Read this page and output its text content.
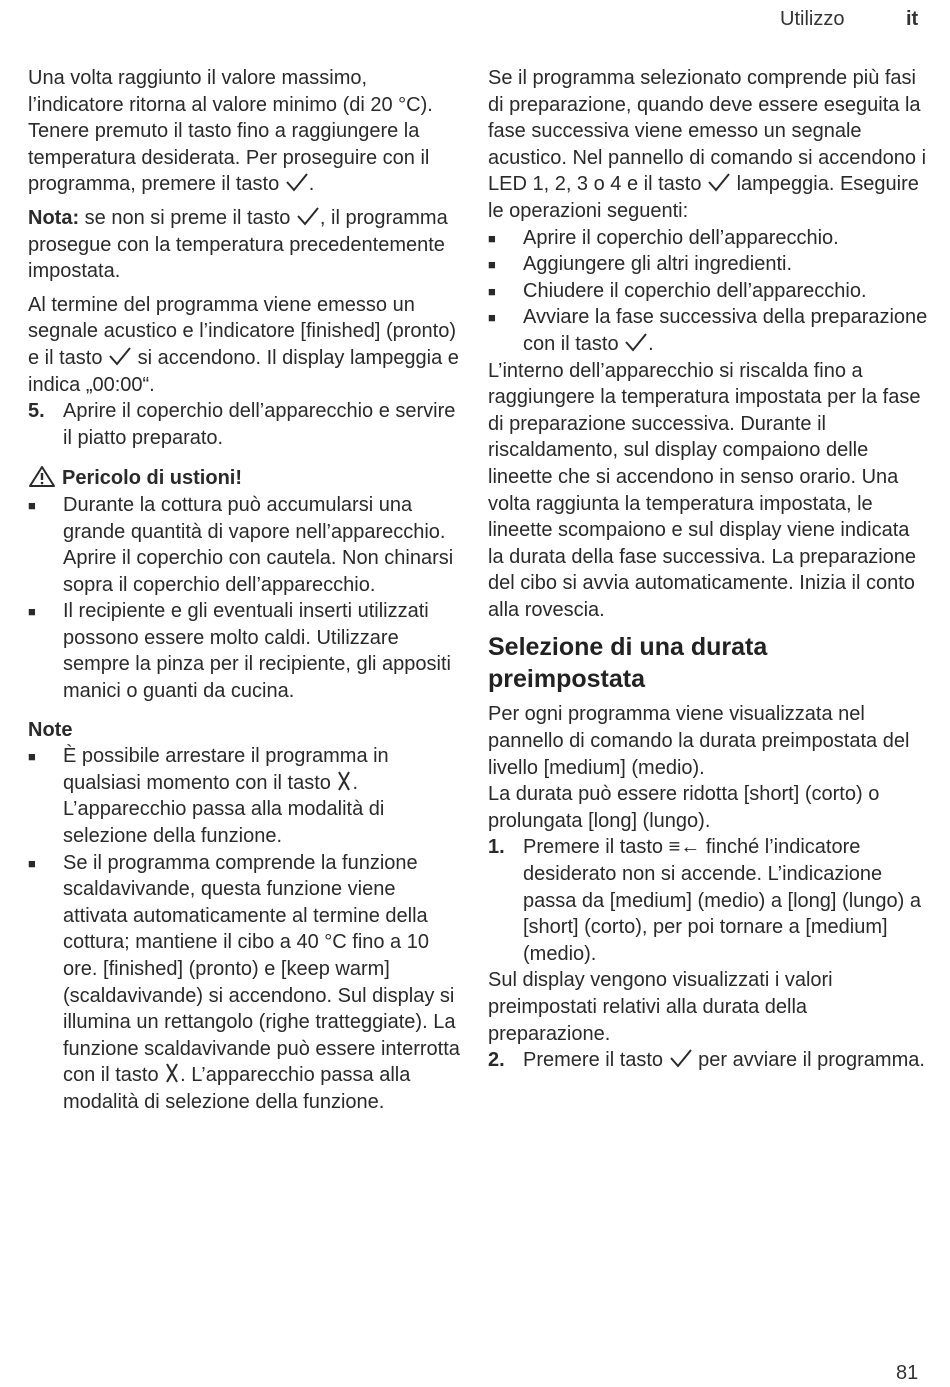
Utilizzo	it

Una volta raggiunto il valore massimo, l’indicatore ritorna al valore minimo (di 20 °C). Tenere premuto il tasto fino a raggiungere la temperatura desiderata. Per proseguire con il programma, premere il tasto .

Nota: se non si preme il tasto , il programma prosegue con la temperatura precedentemente impostata.

Al termine del programma viene emesso un segnale acustico e l’indicatore [finished] (pronto) e il tasto  si accendono. Il display lampeggia e indica „00:00“.

5. Aprire il coperchio dell’apparecchio e servire il piatto preparato.
Pericolo di ustioni!
■ Durante la cottura può accumularsi una grande quantità di vapore nell’apparecchio. Aprire il coperchio con cautela. Non chinarsi sopra il coperchio dell’apparecchio.
■ Il recipiente e gli eventuali inserti utilizzati possono essere molto caldi. Utilizzare sempre la pinza per il recipiente, gli appositi manici o guanti da cucina.
Note
■ È possibile arrestare il programma in qualsiasi momento con il tasto . L’apparecchio passa alla modalità di selezione della funzione.
■ Se il programma comprende la funzione scaldavivande, questa funzione viene attivata automaticamente al termine della cottura; mantiene il cibo a 40 °C fino a 10 ore. [finished] (pronto) e [keep warm] (scaldavivande) si accendono. Sul display si illumina un rettangolo (righe tratteggiate). La funzione scaldavivande può essere interrotta con il tasto . L’apparecchio passa alla modalità di selezione della funzione.

Se il programma selezionato comprende più fasi di preparazione, quando deve essere eseguita la fase successiva viene emesso un segnale acustico. Nel pannello di comando si accendono i LED 1, 2, 3 o 4 e il tasto  lampeggia. Eseguire le operazioni seguenti:

■ Aprire il coperchio dell’apparecchio.
■ Aggiungere gli altri ingredienti.
■ Chiudere il coperchio dell’apparecchio.
■ Avviare la fase successiva della preparazione con il tasto .

L’interno dell’apparecchio si riscalda fino a raggiungere la temperatura impostata per la fase di preparazione successiva. Durante il riscaldamento, sul display compaiono delle lineette che si accendono in senso orario. Una volta raggiunta la temperatura impostata, le lineette scompaiono e sul display viene indicata la durata della fase successiva. La preparazione del cibo si avvia automaticamente. Inizia il conto alla rovescia.

Selezione di una durata preimpostata

Per ogni programma viene visualizzata nel pannello di comando la durata preimpostata del livello [medium] (medio).

La durata può essere ridotta [short] (corto) o prolungata [long] (lungo).

1. Premere il tasto ≡← finché l’indicatore desiderato non si accende. L’indicazione passa da [medium] (medio) a [long] (lungo) a [short] (corto), per poi tornare a [medium] (medio).

Sul display vengono visualizzati i valori preimpostati relativi alla durata della preparazione.

2. Premere il tasto  per avviare il programma.
81
